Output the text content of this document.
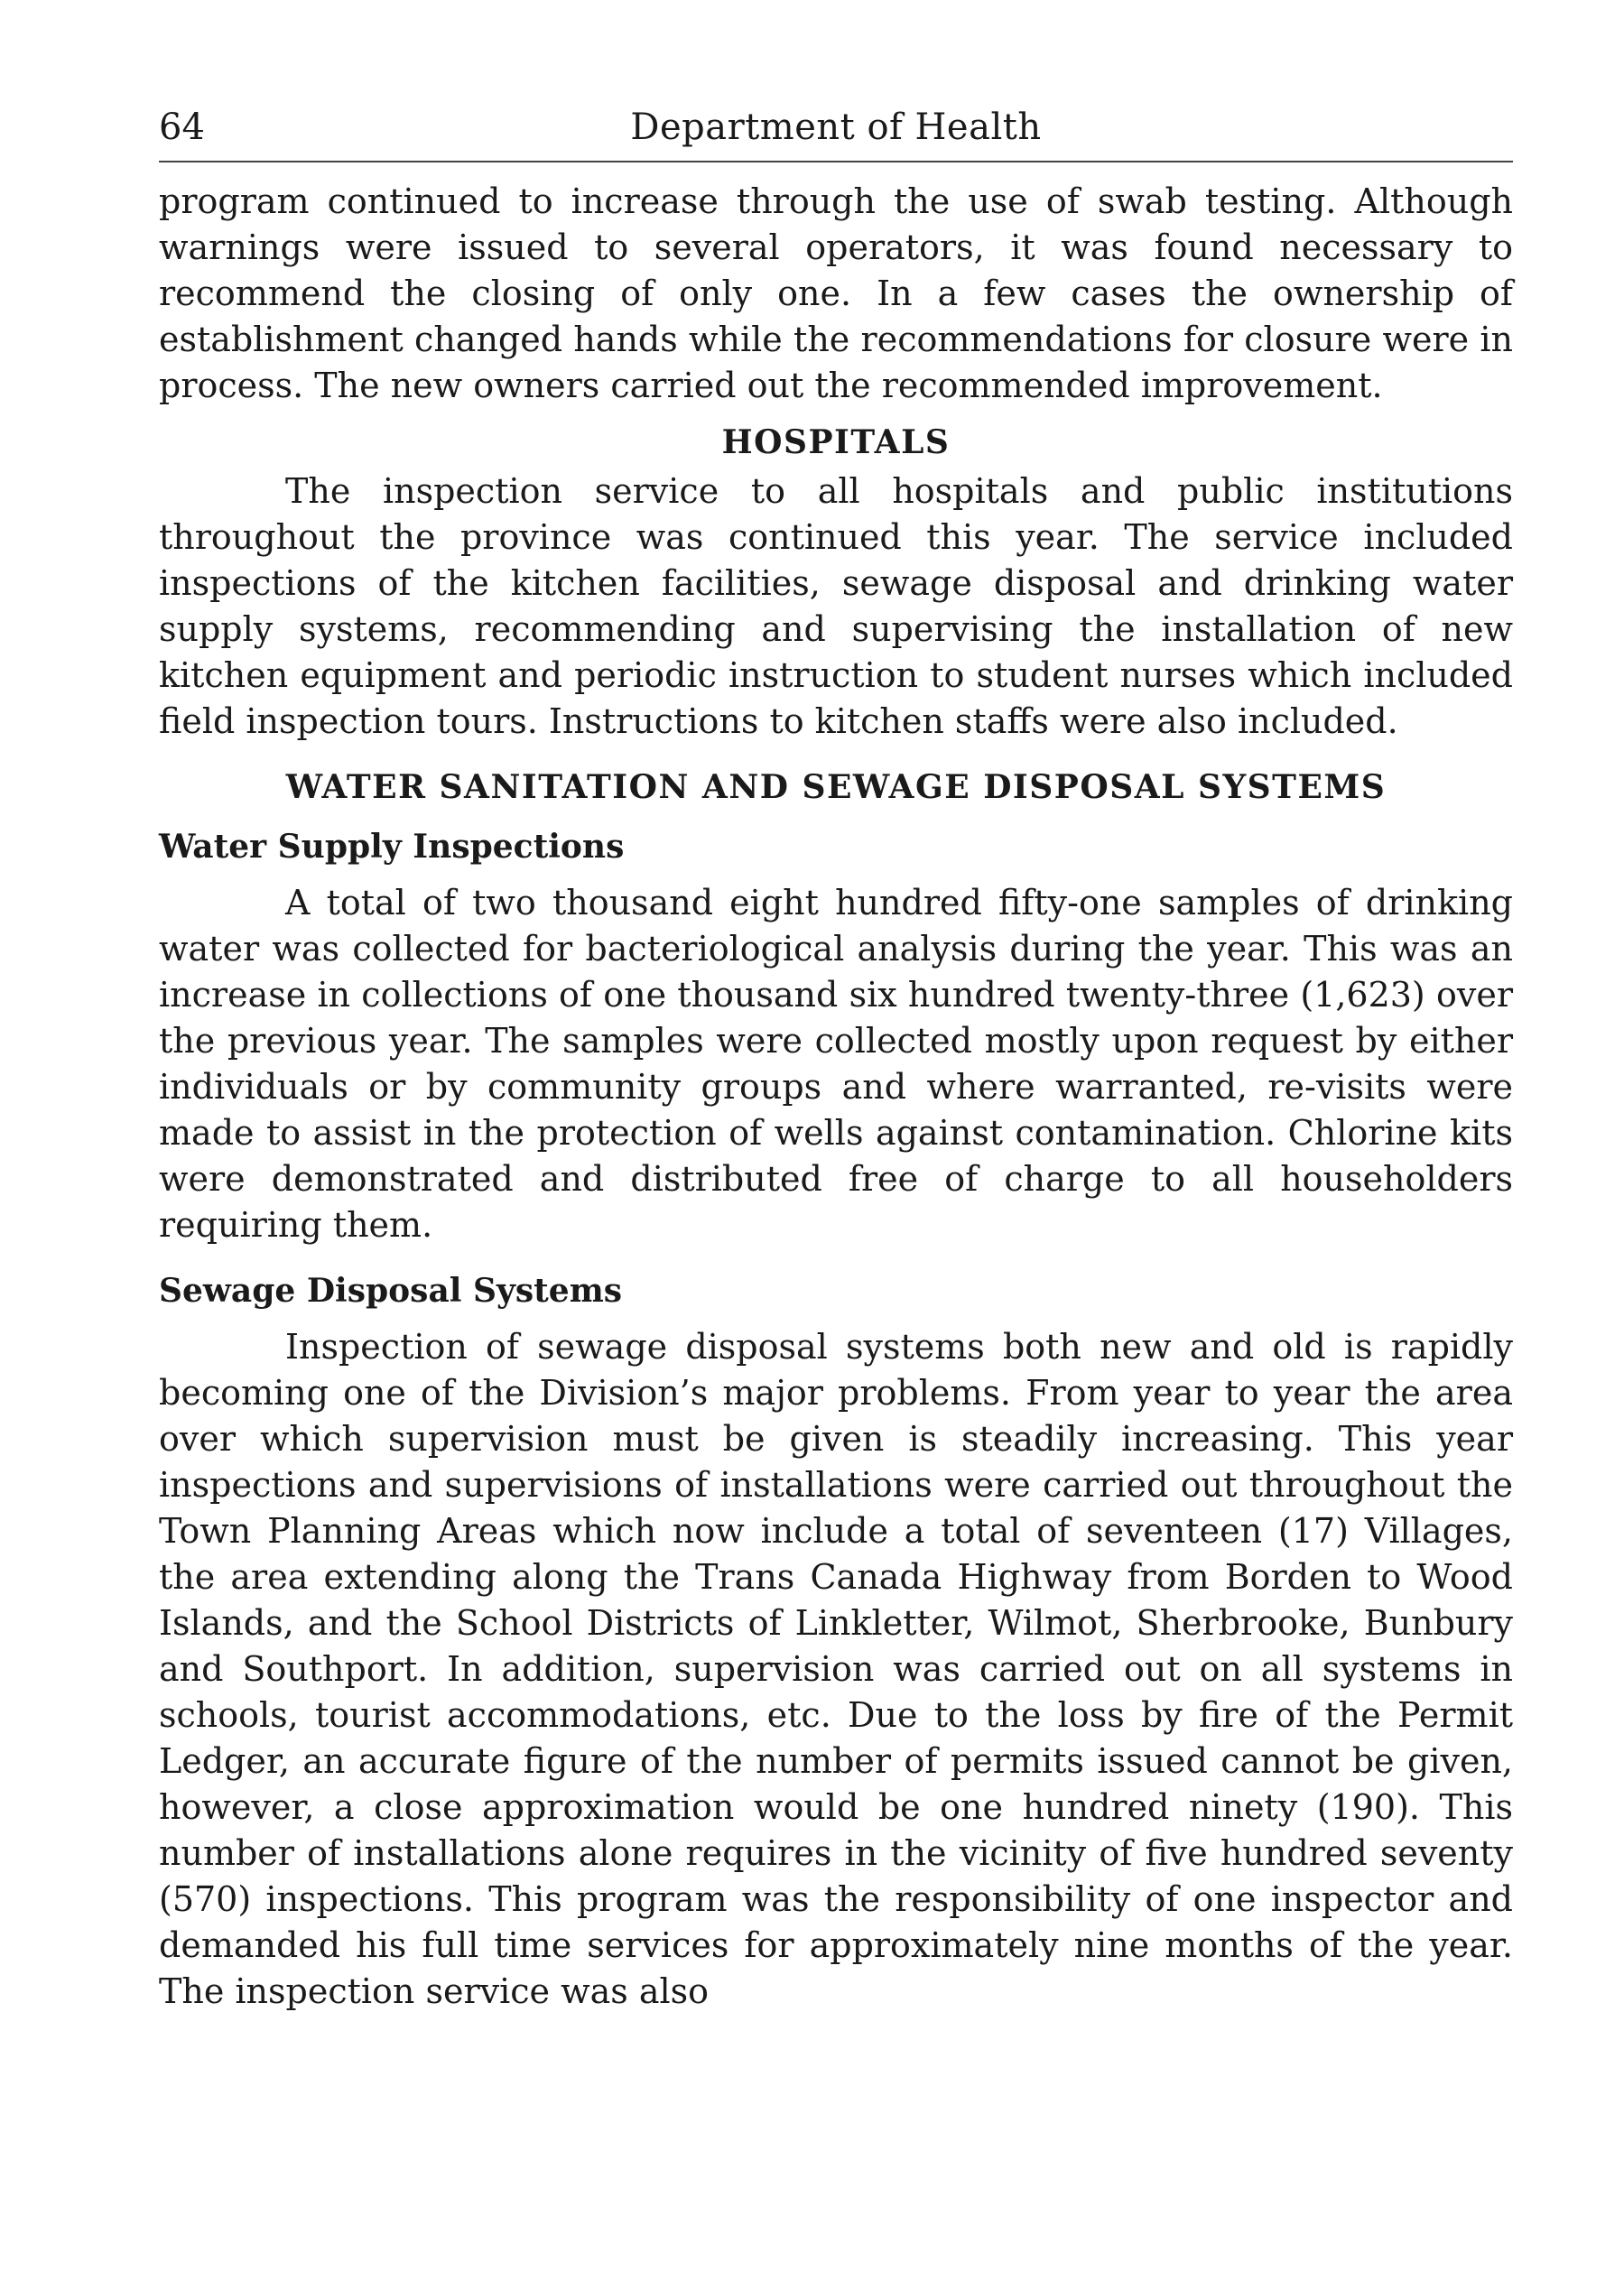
64	Department of Health

program continued to increase through the use of swab testing. Although warnings were issued to several operators, it was found necessary to recommend the closing of only one. In a few cases the ownership of establishment changed hands while the recommendations for closure were in process. The new owners carried out the recommended improvement.

HOSPITALS

The inspection service to all hospitals and public institutions throughout the province was continued this year. The service included inspections of the kitchen facilities, sewage disposal and drinking water supply systems, recommending and supervising the installation of new kitchen equipment and periodic instruction to student nurses which included field inspection tours. Instructions to kitchen staffs were also included.

WATER SANITATION AND SEWAGE DISPOSAL SYSTEMS
Water Supply Inspections

A total of two thousand eight hundred fifty-one samples of drinking water was collected for bacteriological analysis during the year. This was an increase in collections of one thousand six hundred twenty-three (1,623) over the previous year. The samples were collected mostly upon request by either individuals or by community groups and where warranted, re-visits were made to assist in the protection of wells against contamination. Chlorine kits were demonstrated and distributed free of charge to all householders requiring them.

Sewage Disposal Systems

Inspection of sewage disposal systems both new and old is rapidly becoming one of the Division’s major problems. From year to year the area over which supervision must be given is steadily increasing. This year inspections and supervisions of installations were carried out throughout the Town Planning Areas which now include a total of seventeen (17) Villages, the area extending along the Trans Canada Highway from Borden to Wood Islands, and the School Districts of Linkletter, Wilmot, Sherbrooke, Bunbury and Southport. In addition, supervision was carried out on all systems in schools, tourist accommodations, etc. Due to the loss by fire of the Permit Ledger, an accurate figure of the number of permits issued cannot be given, however, a close approximation would be one hundred ninety (190). This number of installations alone requires in the vicinity of five hundred seventy (570) inspections. This program was the responsibility of one inspector and demanded his full time services for approximately nine months of the year. The inspection service was also
